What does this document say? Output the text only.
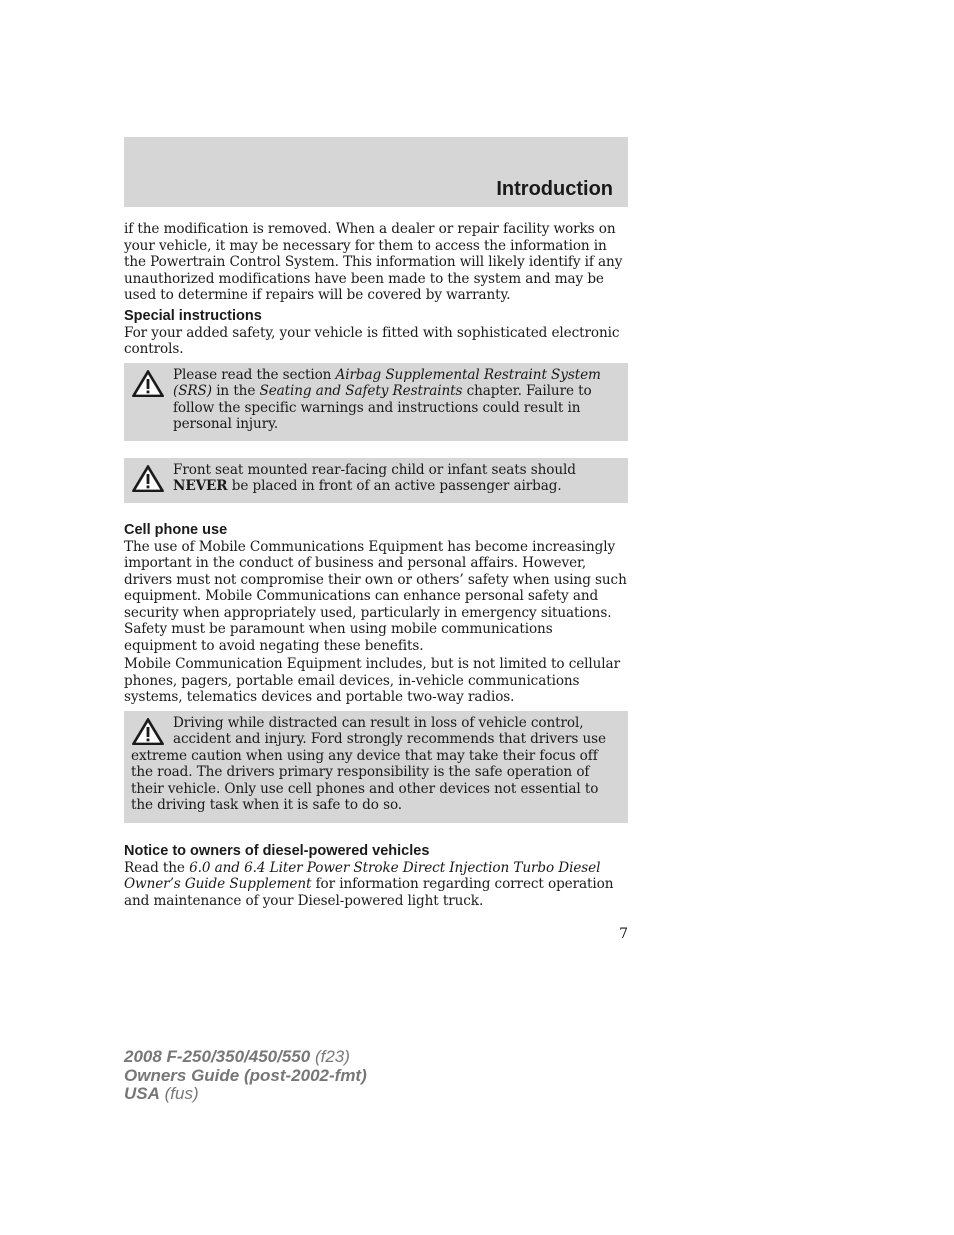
Introduction

if the modification is removed. When a dealer or repair facility works on your vehicle, it may be necessary for them to access the information in the Powertrain Control System. This information will likely identify if any unauthorized modifications have been made to the system and may be used to determine if repairs will be covered by warranty.

Special instructions

For your added safety, your vehicle is fitted with sophisticated electronic controls.

Please read the section Airbag Supplemental Restraint System (SRS) in the Seating and Safety Restraints chapter. Failure to follow the specific warnings and instructions could result in personal injury.

Front seat mounted rear-facing child or infant seats should NEVER be placed in front of an active passenger airbag.

Cell phone use

The use of Mobile Communications Equipment has become increasingly important in the conduct of business and personal affairs. However, drivers must not compromise their own or others’ safety when using such equipment. Mobile Communications can enhance personal safety and security when appropriately used, particularly in emergency situations. Safety must be paramount when using mobile communications equipment to avoid negating these benefits.

Mobile Communication Equipment includes, but is not limited to cellular phones, pagers, portable email devices, in-vehicle communications systems, telematics devices and portable two-way radios.

Driving while distracted can result in loss of vehicle control, accident and injury. Ford strongly recommends that drivers use extreme caution when using any device that may take their focus off the road. The drivers primary responsibility is the safe operation of their vehicle. Only use cell phones and other devices not essential to the driving task when it is safe to do so.

Notice to owners of diesel-powered vehicles

Read the 6.0 and 6.4 Liter Power Stroke Direct Injection Turbo Diesel Owner’s Guide Supplement for information regarding correct operation and maintenance of your Diesel-powered light truck.

7
2008 F-250/350/450/550 (f23)
Owners Guide (post-2002-fmt)
USA (fus)
